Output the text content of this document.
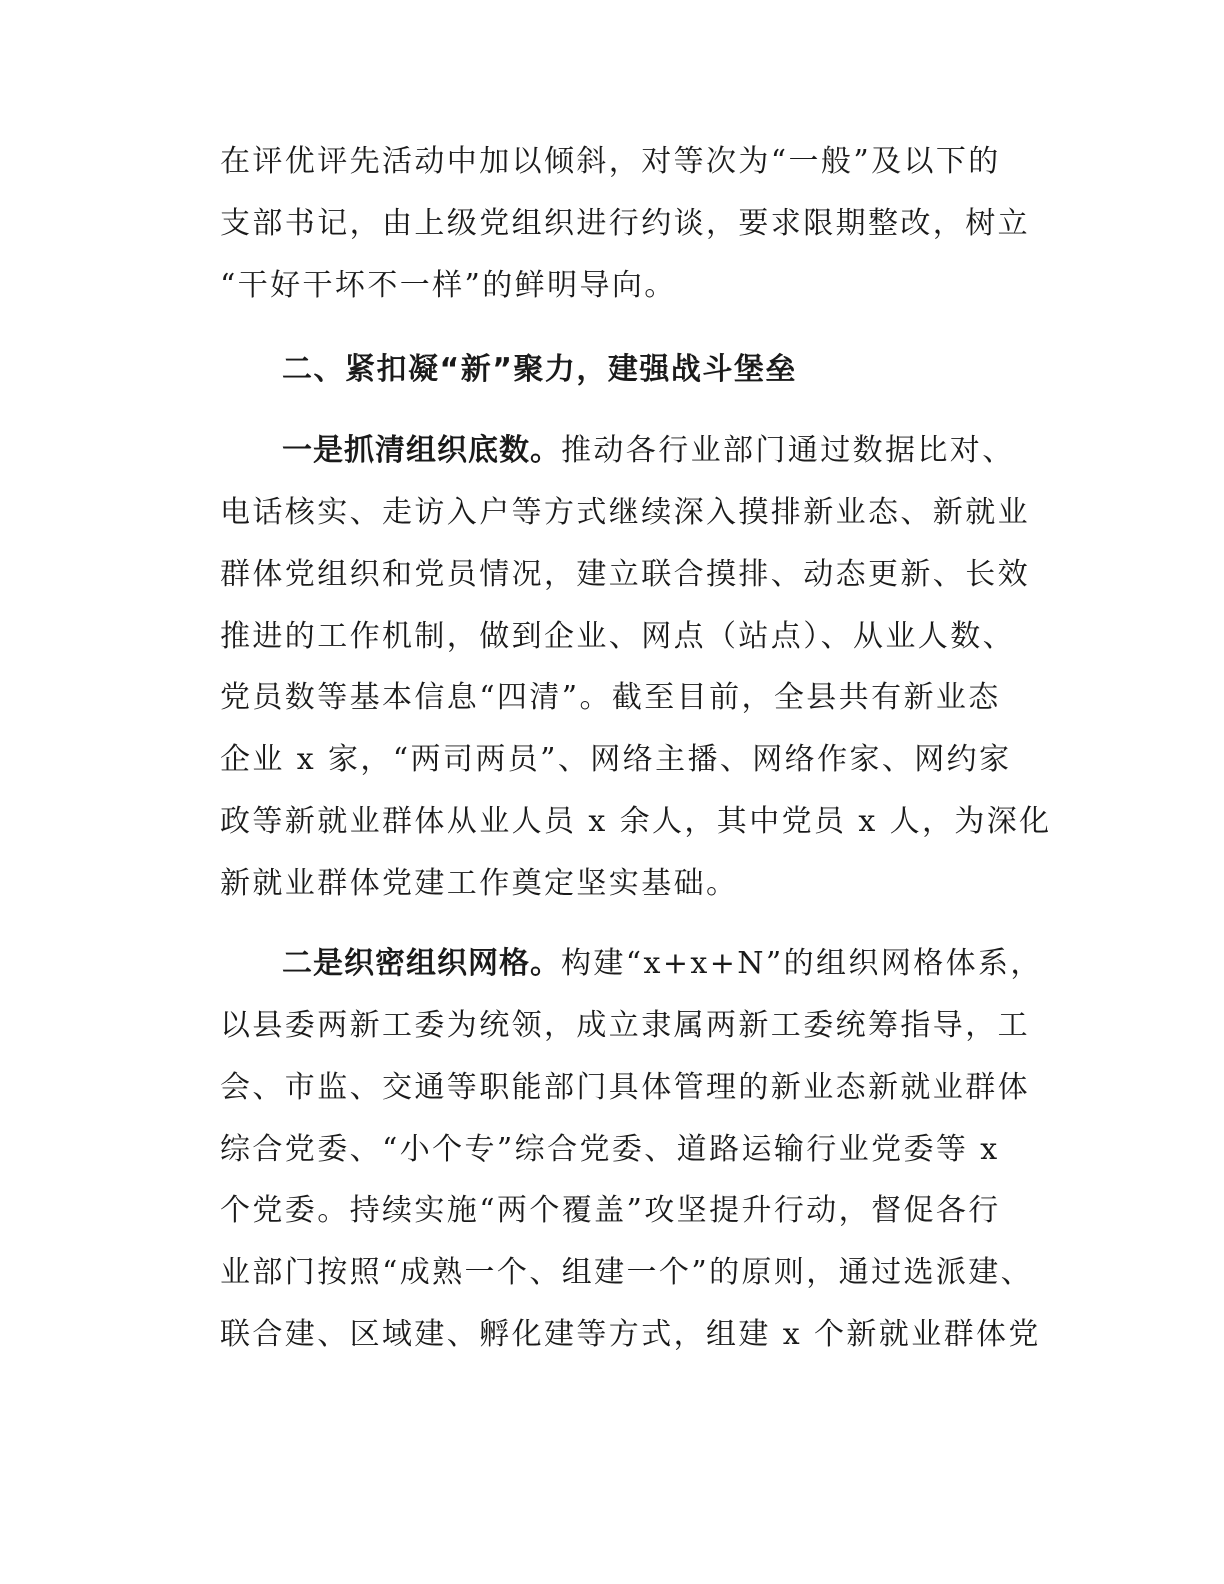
在评优评先活动中加以倾斜，对等次为“一般”及以下的
支部书记，由上级党组织进行约谈，要求限期整改，树立
“干好干坏不一样”的鲜明导向。
二、紧扣凝“新”聚力，建强战斗堡垒
一是抓清组织底数。推动各行业部门通过数据比对、
电话核实、走访入户等方式继续深入摸排新业态、新就业
群体党组织和党员情况，建立联合摸排、动态更新、长效
推进的工作机制，做到企业、网点（站点）、从业人数、
党员数等基本信息“四清”。截至目前，全县共有新业态
企业 x 家，“两司两员”、网络主播、网络作家、网约家
政等新就业群体从业人员 x 余人，其中党员 x 人，为深化
新就业群体党建工作奠定坚实基础。
二是织密组织网格。构建“x+x+N”的组织网格体系，
以县委两新工委为统领，成立隶属两新工委统筹指导，工
会、市监、交通等职能部门具体管理的新业态新就业群体
综合党委、“小个专”综合党委、道路运输行业党委等 x
个党委。持续实施“两个覆盖”攻坚提升行动，督促各行
业部门按照“成熟一个、组建一个”的原则，通过选派建、
联合建、区域建、孵化建等方式，组建 x 个新就业群体党
